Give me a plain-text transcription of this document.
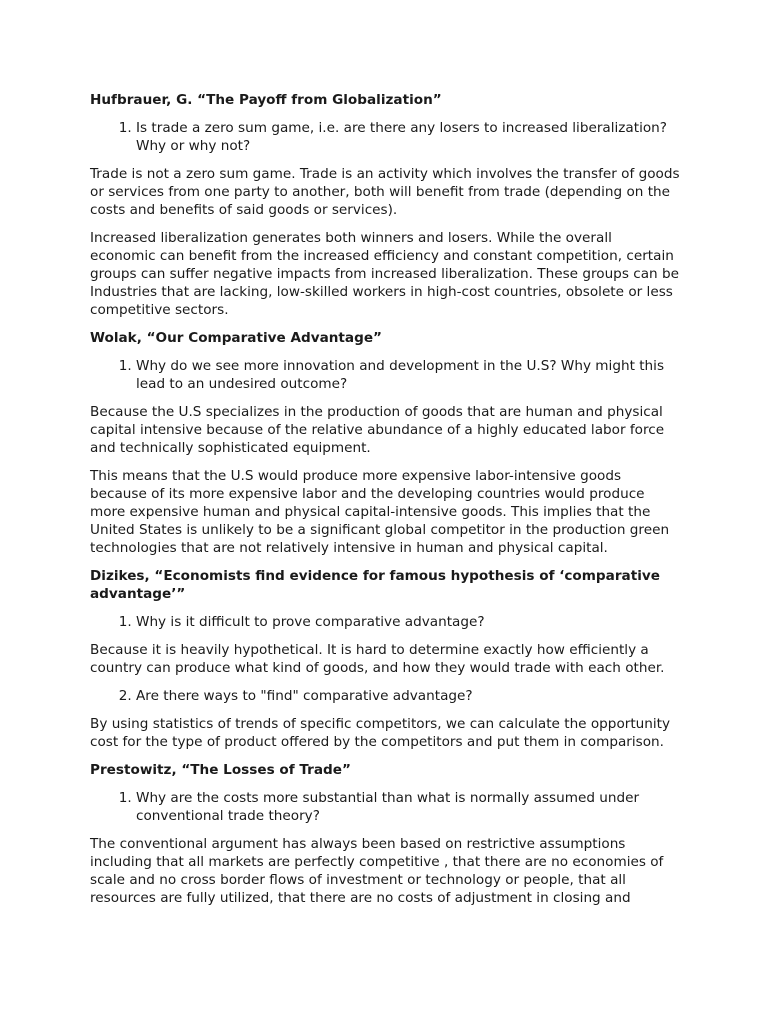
Hufbrauer, G. “The Payoff from Globalization”
1. Is trade a zero sum game, i.e. are there any losers to increased liberalization? Why or why not?

Trade is not a zero sum game. Trade is an activity which involves the transfer of goods or services from one party to another, both will benefit from trade (depending on the costs and benefits of said goods or services).

Increased liberalization generates both winners and losers. While the overall economic can benefit from the increased efficiency and constant competition, certain groups can suffer negative impacts from increased liberalization. These groups can be Industries that are lacking, low-skilled workers in high-cost countries, obsolete or less competitive sectors.

Wolak, “Our Comparative Advantage”
1. Why do we see more innovation and development in the U.S? Why might this lead to an undesired outcome?

Because the U.S specializes in the production of goods that are human and physical capital intensive because of the relative abundance of a highly educated labor force and technically sophisticated equipment.

This means that the U.S would produce more expensive labor-intensive goods because of its more expensive labor and the developing countries would produce more expensive human and physical capital-intensive goods. This implies that the United States is unlikely to be a significant global competitor in the production green technologies that are not relatively intensive in human and physical capital.

Dizikes, “Economists find evidence for famous hypothesis of ‘comparative advantage’”
1. Why is it difficult to prove comparative advantage?

Because it is heavily hypothetical. It is hard to determine exactly how efficiently a country can produce what kind of goods, and how they would trade with each other.

2. Are there ways to "find" comparative advantage?

By using statistics of trends of specific competitors, we can calculate the opportunity cost for the type of product offered by the competitors and put them in comparison.

Prestowitz, “The Losses of Trade”
1. Why are the costs more substantial than what is normally assumed under conventional trade theory?

The conventional argument has always been based on restrictive assumptions including that all markets are perfectly competitive , that there are no economies of scale and no cross border flows of investment or technology or people, that all resources are fully utilized, that there are no costs of adjustment in closing and
